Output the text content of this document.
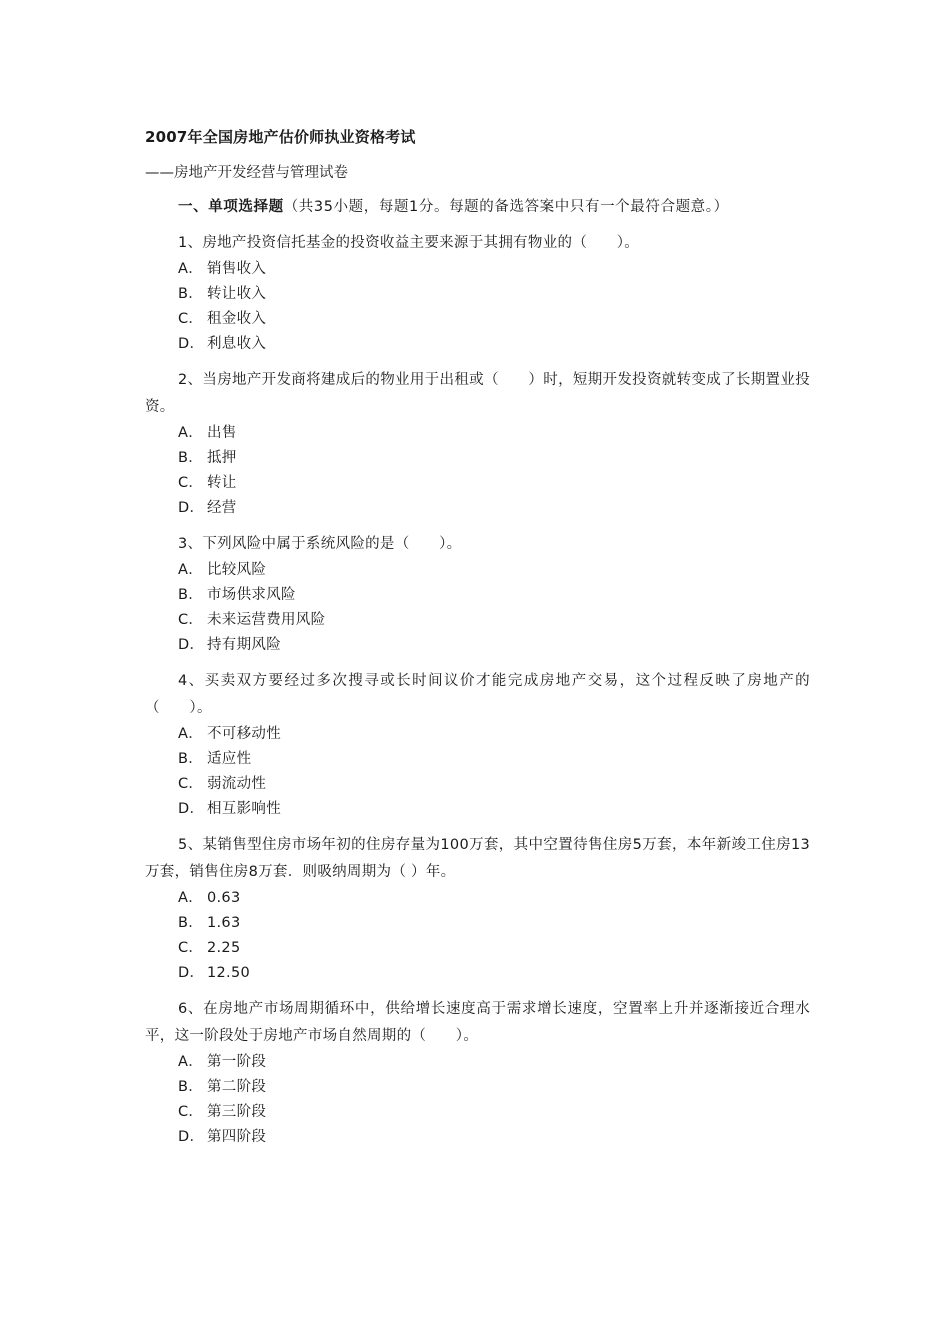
2007年全国房地产估价师执业资格考试
——房地产开发经营与管理试卷
一、单项选择题（共35小题，每题1分。每题的备选答案中只有一个最符合题意。）
1、房地产投资信托基金的投资收益主要来源于其拥有物业的（　　）。
A． 销售收入
B． 转让收入
C． 租金收入
D． 利息收入
2、当房地产开发商将建成后的物业用于出租或（　　）时，短期开发投资就转变成了长期置业投资。
A． 出售
B． 抵押
C． 转让
D． 经营
3、下列风险中属于系统风险的是（　　）。
A． 比较风险
B． 市场供求风险
C． 未来运营费用风险
D． 持有期风险
4、买卖双方要经过多次搜寻或长时间议价才能完成房地产交易，这个过程反映了房地产的（　　）。
A． 不可移动性
B． 适应性
C． 弱流动性
D． 相互影响性
5、某销售型住房市场年初的住房存量为100万套，其中空置待售住房5万套，本年新竣工住房13万套，销售住房8万套．则吸纳周期为（ ）年。
A． 0.63
B． 1.63
C． 2.25
D． 12.50
6、在房地产市场周期循环中，供给增长速度高于需求增长速度，空置率上升并逐渐接近合理水平，这一阶段处于房地产市场自然周期的（　　）。
A． 第一阶段
B． 第二阶段
C． 第三阶段
D． 第四阶段
